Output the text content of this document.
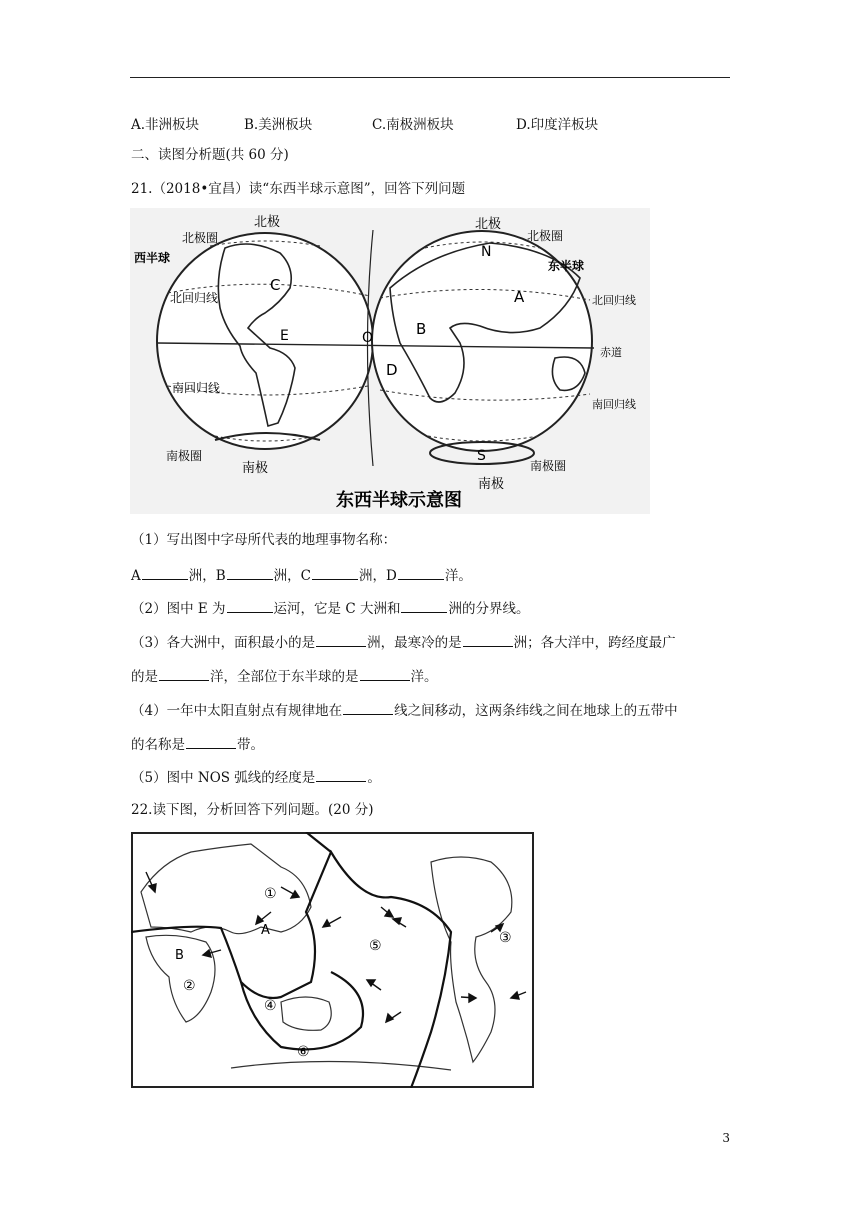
A.非洲板块	B.美洲板块	C.南极洲板块	D.印度洋板块
二、读图分析题(共 60 分)
21.（2018•宜昌）读“东西半球示意图”，回答下列问题
北极
北极圈
西半球
北回归线
南回归线
南极圈
南极
C
E	O
北极
N
北极圈
东半球
北回归线
赤道
南回归线
南极圈
南极
S
A
B
D
东西半球示意图
（1）写出图中字母所代表的地理事物名称：
A	洲，B	洲，C	洲，D	洋。
（2）图中 E 为	运河，它是 C 大洲和	洲的分界线。
（3）各大洲中，面积最小的是	洲，最寒冷的是	洲；各大洋中，跨经度最广
的是	洋，全部位于东半球的是	洋。
（4）一年中太阳直射点有规律地在	线之间移动，这两条纬线之间在地球上的五带中
的名称是	带。
（5）图中 NOS 弧线的经度是	。
22.读下图，分析回答下列问题。(20 分)
①
②
③
④
⑤
⑥
A
B
3
